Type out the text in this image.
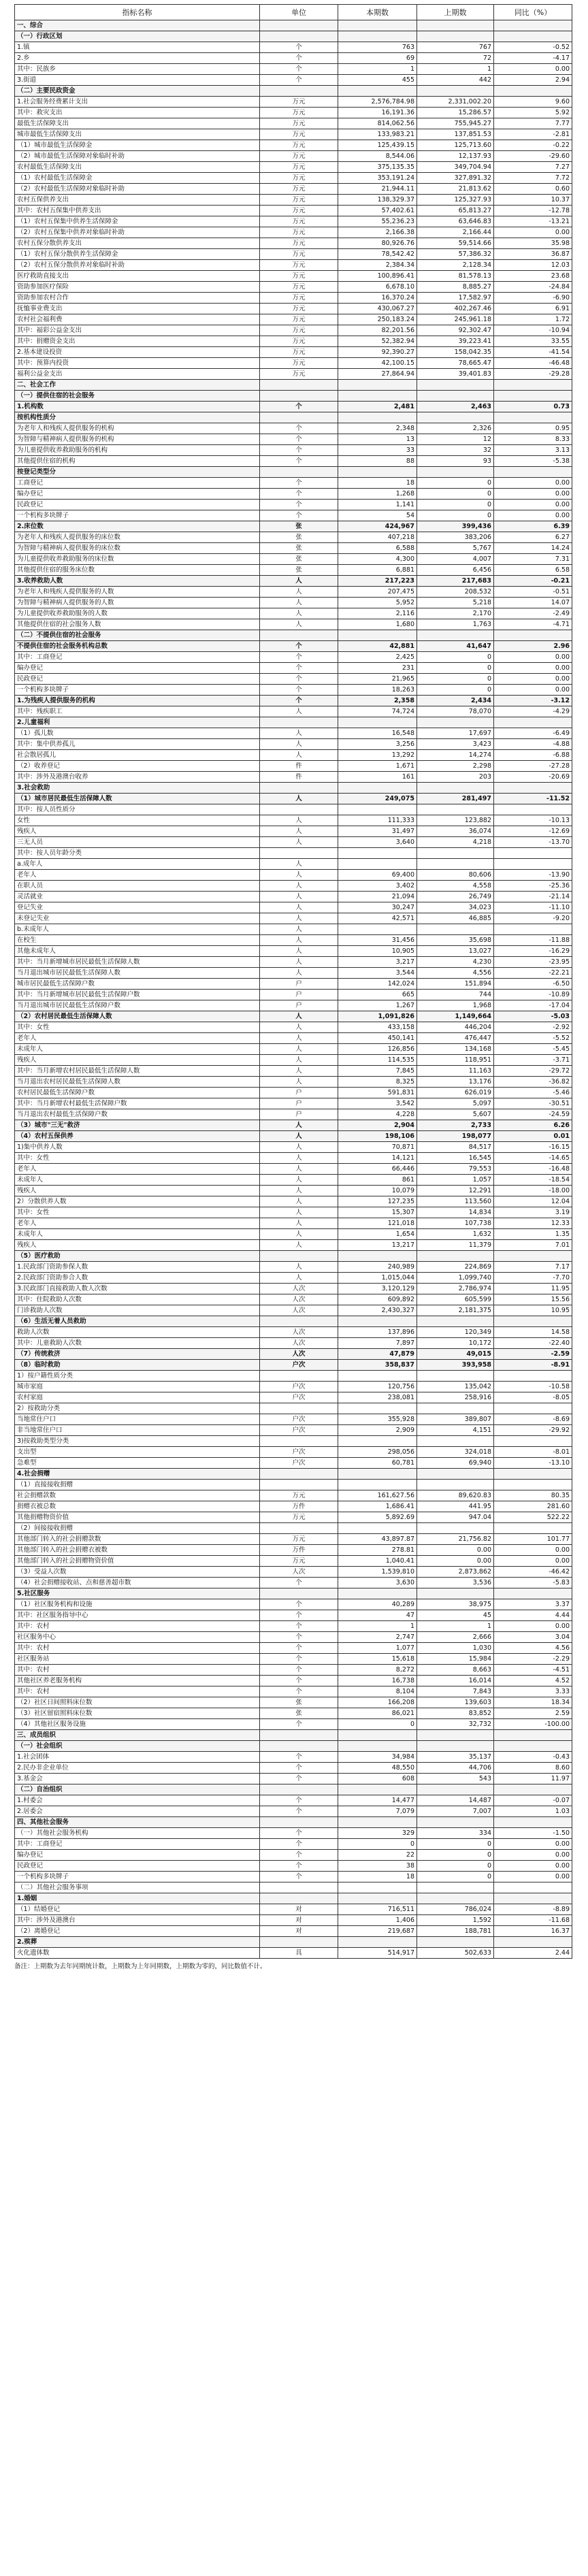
指标名称	单位	本期数	上期数	同比（%）
一、综合				
（一）行政区划				
1.镇	个	763	767	-0.52
2.乡	个	69	72	-4.17
其中：民族乡	个	1	1	0.00
3.街道	个	455	442	2.94
（二）主要民政资金				
1.社会服务经费累计支出	万元	2,576,784.98	2,331,002.20	9.60
其中：救灾支出	万元	16,191.36	15,286.57	5.92
最低生活保障支出	万元	814,062.56	755,945.27	7.77
城市最低生活保障支出	万元	133,983.21	137,851.53	-2.81
（1）城市最低生活保障金	万元	125,439.15	125,713.60	-0.22
（2）城市最低生活保障对象临时补助	万元	8,544.06	12,137.93	-29.60
农村最低生活保障支出	万元	375,135.35	349,704.94	7.27
（1）农村最低生活保障金	万元	353,191.24	327,891.32	7.72
（2）农村最低生活保障对象临时补助	万元	21,944.11	21,813.62	0.60
农村五保供养支出	万元	138,329.37	125,327.93	10.37
其中：农村五保集中供养支出	万元	57,402.61	65,813.27	-12.78
（1）农村五保集中供养生活保障金	万元	55,236.23	63,646.83	-13.21
（2）农村五保集中供养对象临时补助	万元	2,166.38	2,166.44	0.00
农村五保分散供养支出	万元	80,926.76	59,514.66	35.98
（1）农村五保分散供养生活保障金	万元	78,542.42	57,386.32	36.87
（2）农村五保分散供养对象临时补助	万元	2,384.34	2,128.34	12.03
医疗救助直接支出	万元	100,896.41	81,578.13	23.68
资助参加医疗保险	万元	6,678.10	8,885.27	-24.84
资助参加农村合作	万元	16,370.24	17,582.97	-6.90
抚恤事业费支出	万元	430,067.27	402,267.46	6.91
农村社会福利费	万元	250,183.24	245,961.18	1.72
其中：福彩公益金支出	万元	82,201.56	92,302.47	-10.94
其中：捐赠资金支出	万元	52,382.94	39,223.41	33.55
2.基本建设投资	万元	92,390.27	158,042.35	-41.54
其中：预算内投资	万元	42,100.15	78,665.47	-46.48
福利公益金支出	万元	27,864.94	39,401.83	-29.28
二、社会工作				
（一）提供住宿的社会服务				
1.机构数	个	2,481	2,463	0.73
按机构性质分				
为老年人和残疾人提供服务的机构	个	2,348	2,326	0.95
为智障与精神病人提供服务的机构	个	13	12	8.33
为儿童提供收养救助服务的机构	个	33	32	3.13
其他提供住宿的机构	个	88	93	-5.38
按登记类型分				
工商登记	个	18	0	0.00
编办登记	个	1,268	0	0.00
民政登记	个	1,141	0	0.00
一个机构多块牌子	个	54	0	0.00
2.床位数	张	424,967	399,436	6.39
为老年人和残疾人提供服务的床位数	张	407,218	383,206	6.27
为智障与精神病人提供服务的床位数	张	6,588	5,767	14.24
为儿童提供收养救助服务的床位数	张	4,300	4,007	7.31
其他提供住宿的服务床位数	张	6,881	6,456	6.58
3.收养救助人数	人	217,223	217,683	-0.21
为老年人和残疾人提供服务的人数	人	207,475	208,532	-0.51
为智障与精神病人提供服务的人数	人	5,952	5,218	14.07
为儿童提供收养救助服务的人数	人	2,116	2,170	-2.49
其他提供住宿的社会服务人数	人	1,680	1,763	-4.71
（二）不提供住宿的社会服务				
不提供住宿的社会服务机构总数	个	42,881	41,647	2.96
其中：工商登记	个	2,425	0	0.00
编办登记	个	231	0	0.00
民政登记	个	21,965	0	0.00
一个机构多块牌子	个	18,263	0	0.00
1.为残疾人提供服务的机构	个	2,358	2,434	-3.12
其中：残疾职工	人	74,724	78,070	-4.29
2.儿童福利				
（1）孤儿数	人	16,548	17,697	-6.49
其中：集中供养孤儿	人	3,256	3,423	-4.88
社会散居孤儿	人	13,292	14,274	-6.88
（2）收养登记	件	1,671	2,298	-27.28
其中：涉外及港澳台收养	件	161	203	-20.69
3.社会救助				
（1）城市居民最低生活保障人数	人	249,075	281,497	-11.52
其中：按人员性质分				
女性	人	111,333	123,882	-10.13
残疾人	人	31,497	36,074	-12.69
三无人员	人	3,640	4,218	-13.70
其中：按人员年龄分类				
a.成年人	人			
老年人	人	69,400	80,606	-13.90
在职人员	人	3,402	4,558	-25.36
灵活就业	人	21,094	26,749	-21.14
登记失业	人	30,247	34,023	-11.10
未登记失业	人	42,571	46,885	-9.20
b.未成年人	人			
在校生	人	31,456	35,698	-11.88
其他未成年人	人	10,905	13,027	-16.29
其中：当月新增城市居民最低生活保障人数	人	3,217	4,230	-23.95
当月退出城市居民最低生活保障人数	人	3,544	4,556	-22.21
城市居民最低生活保障户数	户	142,024	151,894	-6.50
其中：当月新增城市居民最低生活保障户数	户	665	744	-10.89
当月退出城市居民最低生活保障户数	户	1,267	1,968	-17.04
（2）农村居民最低生活保障人数	人	1,091,826	1,149,664	-5.03
其中：女性	人	433,158	446,204	-2.92
老年人	人	450,141	476,447	-5.52
未成年人	人	126,856	134,168	-5.45
残疾人	人	114,535	118,951	-3.71
其中：当月新增农村居民最低生活保障人数	人	7,845	11,163	-29.72
当月退出农村居民最低生活保障人数	人	8,325	13,176	-36.82
农村居民最低生活保障户数	户	591,831	626,019	-5.46
其中：当月新增农村最低生活保障户数	户	3,542	5,097	-30.51
当月退出农村最低生活保障户数	户	4,228	5,607	-24.59
（3）城市"三无"救济	人	2,904	2,733	6.26
（4）农村五保供养	人	198,106	198,077	0.01
1)集中供养人数	人	70,871	84,517	-16.15
其中：女性	人	14,121	16,545	-14.65
老年人	人	66,446	79,553	-16.48
未成年人	人	861	1,057	-18.54
残疾人	人	10,079	12,291	-18.00
2）分散供养人数	人	127,235	113,560	12.04
其中：女性	人	15,307	14,834	3.19
老年人	人	121,018	107,738	12.33
未成年人	人	1,654	1,632	1.35
残疾人	人	13,217	11,379	7.01
（5）医疗救助				
1.民政部门资助参保人数	人	240,989	224,869	7.17
2.民政部门资助参合人数	人	1,015,044	1,099,740	-7.70
3.民政部门直接救助人数人次数	人次	3,120,129	2,786,974	11.95
其中：住院救助人次数	人次	609,892	605,599	15.56
门诊救助人次数	人次	2,430,327	2,181,375	10.95
（6）生活无着人员救助				
救助人次数	人次	137,896	120,349	14.58
其中：儿童救助人次数	人次	7,897	10,172	-22.40
（7）传统救济	人次	47,879	49,015	-2.59
（8）临时救助	户次	358,837	393,958	-8.91
1）按户籍性质分类				
城市家庭	户次	120,756	135,042	-10.58
农村家庭	户次	238,081	258,916	-8.05
2）按救助分类				
当地常住户口	户次	355,928	389,807	-8.69
非当地常住户口	户次	2,909	4,151	-29.92
3)按救助类型分类				
支出型	户次	298,056	324,018	-8.01
急难型	户次	60,781	69,940	-13.10
4.社会捐赠				
（1）直接接收捐赠				
社会捐赠款数	万元	161,627.56	89,620.83	80.35
捐赠衣被总数	万件	1,686.41	441.95	281.60
其他捐赠物资价值	万元	5,892.69	947.04	522.22
（2）间接接收捐赠				
其他部门转入的社会捐赠款数	万元	43,897.87	21,756.82	101.77
其他部门转入的社会捐赠衣被数	万件	278.81	0.00	0.00
其他部门转入的社会捐赠物资价值	万元	1,040.41	0.00	0.00
（3）受益人次数	人次	1,539,810	2,873,862	-46.42
（4）社会捐赠接收站、点和慈善超市数	个	3,630	3,536	-5.83
5.社区服务				
（1）社区服务机构和设施	个	40,289	38,975	3.37
其中：社区服务指导中心	个	47	45	4.44
其中：农村	个	1	1	0.00
社区服务中心	个	2,747	2,666	3.04
其中：农村	个	1,077	1,030	4.56
社区服务站	个	15,618	15,984	-2.29
其中：农村	个	8,272	8,663	-4.51
其他社区养老服务机构	个	16,738	16,014	4.52
其中：农村	个	8,104	7,843	3.33
（2）社区日间照料床位数	张	166,208	139,603	18.34
（3）社区留宿照料床位数	张	86,021	83,852	2.59
（4）其他社区服务设施	个	0	32,732	-100.00
三、成员组织				
（一）社会组织				
1.社会团体	个	34,984	35,137	-0.43
2.民办非企业单位	个	48,550	44,706	8.60
3.基金会	个	608	543	11.97
（二）自治组织				
1.村委会	个	14,477	14,487	-0.07
2.居委会	个	7,079	7,007	1.03
四、其他社会服务				
（一）其他社会服务机构	个	329	334	-1.50
其中：工商登记	个	0	0	0.00
编办登记	个	22	0	0.00
民政登记	个	38	0	0.00
一个机构多块牌子	个	18	0	0.00
（二）其他社会服务事项				
1.婚姻				
（1）结婚登记	对	716,511	786,024	-8.89
其中：涉外及港澳台	对	1,406	1,592	-11.68
（2）离婚登记	对	219,687	188,781	16.37
2.殡葬				
火化遗体数	具	514,917	502,633	2.44
备注：上期数为去年同期统计数，上期数为上年同期数，上期数为零的，同比数值不计。
